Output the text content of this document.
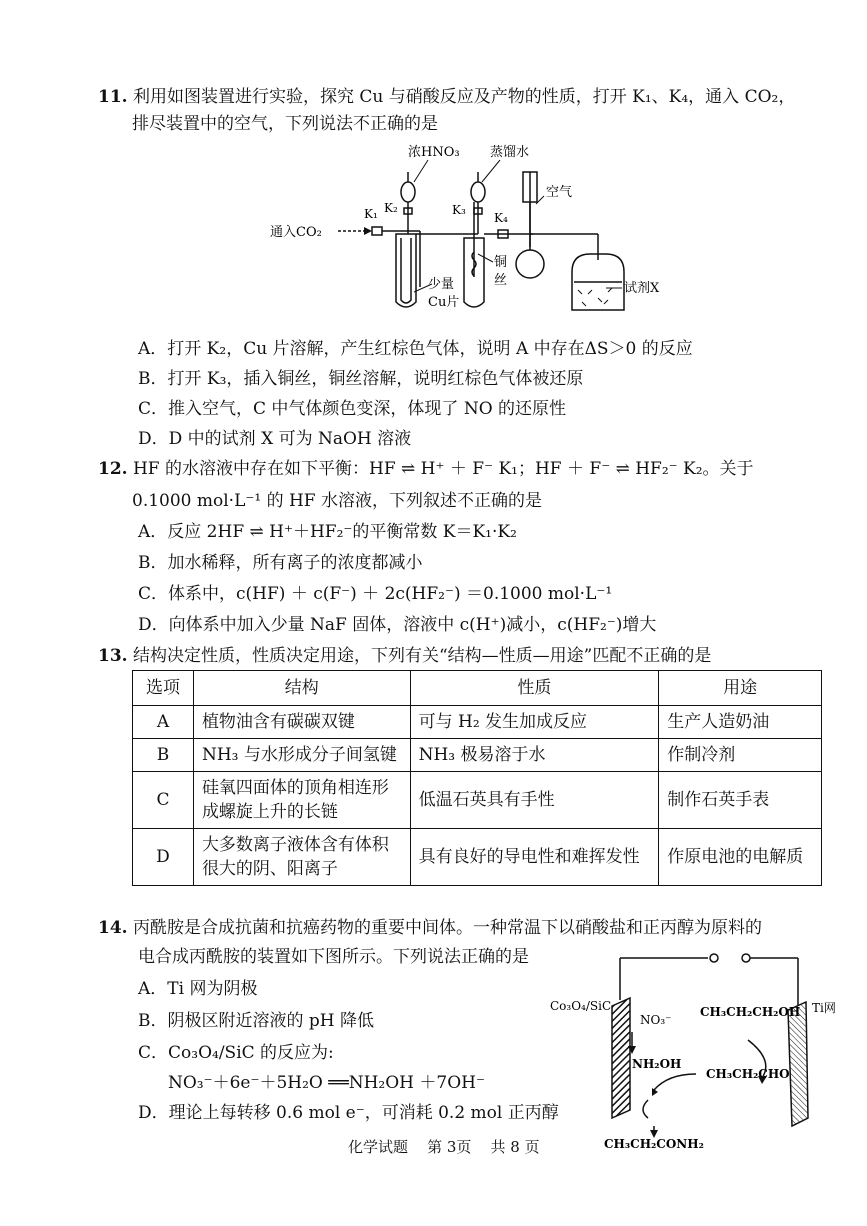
11. 利用如图装置进行实验，探究 Cu 与硝酸反应及产物的性质，打开 K₁、K₄，通入 CO₂，
排尽装置中的空气，下列说法不正确的是
浓HNO₃ 蒸馏水
空气
通入CO₂
K₁ K₂	K₃
K₄
少量
Cu片
铜
丝
试剂X
A．打开 K₂，Cu 片溶解，产生红棕色气体，说明 A 中存在ΔS＞0 的反应
B．打开 K₃，插入铜丝，铜丝溶解，说明红棕色气体被还原
C．推入空气，C 中气体颜色变深，体现了 NO 的还原性
D．D 中的试剂 X 可为 NaOH 溶液
12. HF 的水溶液中存在如下平衡：HF ⇌ H⁺ ＋ F⁻ K₁；HF ＋ F⁻ ⇌ HF₂⁻ K₂。关于
0.1000 mol·L⁻¹ 的 HF 水溶液，下列叙述不正确的是
A．反应 2HF ⇌ H⁺＋HF₂⁻的平衡常数 K＝K₁·K₂
B．加水稀释，所有离子的浓度都减小
C．体系中，c(HF) ＋ c(F⁻) ＋ 2c(HF₂⁻) ＝0.1000 mol·L⁻¹
D．向体系中加入少量 NaF 固体，溶液中 c(H⁺)减小，c(HF₂⁻)增大
13. 结构决定性质，性质决定用途，下列有关“结构—性质—用途”匹配不正确的是
选项	结构	性质	用途
A	植物油含有碳碳双键	可与 H₂ 发生加成反应	生产人造奶油
B	NH₃ 与水形成分子间氢键	NH₃ 极易溶于水	作制冷剂
C	硅氧四面体的顶角相连形
成螺旋上升的长链	低温石英具有手性	制作石英手表
D	大多数离子液体含有体积
很大的阴、阳离子	具有良好的导电性和难挥发性	作原电池的电解质
14. 丙酰胺是合成抗菌和抗癌药物的重要中间体。一种常温下以硝酸盐和正丙醇为原料的
电合成丙酰胺的装置如下图所示。下列说法正确的是
A．Ti 网为阴极
B．阴极区附近溶液的 pH 降低
C．Co₃O₄/SiC 的反应为:
NO₃⁻＋6e⁻＋5H₂O ══NH₂OH ＋7OH⁻
D．理论上每转移 0.6 mol e⁻，可消耗 0.2 mol 正丙醇
Co₃O₄/SiC	Ti网
NO₃⁻
NH₂OH
CH₃CH₂CH₂OH
CH₃CH₂CHO
CH₃CH₂CONH₂
化学试题 第 3页 共 8 页
